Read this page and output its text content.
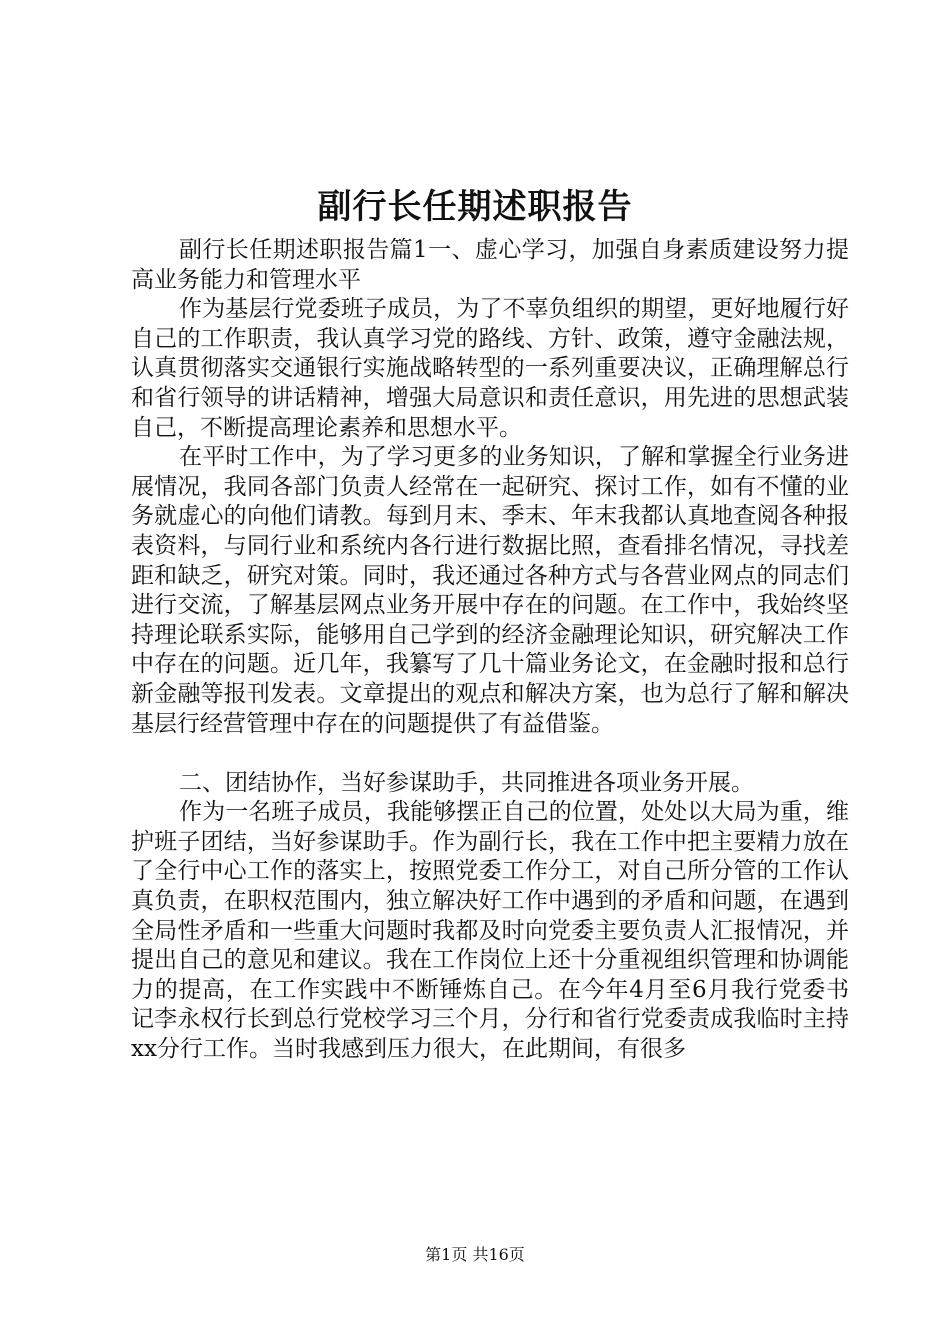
副行长任期述职报告

副行长任期述职报告篇1一、虚心学习，加强自身素质建设努力提高业务能力和管理水平

作为基层行党委班子成员，为了不辜负组织的期望，更好地履行好自己的工作职责，我认真学习党的路线、方针、政策，遵守金融法规，认真贯彻落实交通银行实施战略转型的一系列重要决议，正确理解总行和省行领导的讲话精神，增强大局意识和责任意识，用先进的思想武装自己，不断提高理论素养和思想水平。

在平时工作中，为了学习更多的业务知识，了解和掌握全行业务进展情况，我同各部门负责人经常在一起研究、探讨工作，如有不懂的业务就虚心的向他们请教。每到月末、季末、年末我都认真地查阅各种报表资料，与同行业和系统内各行进行数据比照，查看排名情况，寻找差距和缺乏，研究对策。同时，我还通过各种方式与各营业网点的同志们进行交流，了解基层网点业务开展中存在的问题。在工作中，我始终坚持理论联系实际，能够用自己学到的经济金融理论知识，研究解决工作中存在的问题。近几年，我纂写了几十篇业务论文，在金融时报和总行新金融等报刊发表。文章提出的观点和解决方案，也为总行了解和解决基层行经营管理中存在的问题提供了有益借鉴。

二、团结协作，当好参谋助手，共同推进各项业务开展。

作为一名班子成员，我能够摆正自己的位置，处处以大局为重，维护班子团结，当好参谋助手。作为副行长，我在工作中把主要精力放在了全行中心工作的落实上，按照党委工作分工，对自己所分管的工作认真负责，在职权范围内，独立解决好工作中遇到的矛盾和问题，在遇到全局性矛盾和一些重大问题时我都及时向党委主要负责人汇报情况，并提出自己的意见和建议。我在工作岗位上还十分重视组织管理和协调能力的提高，在工作实践中不断锤炼自己。在今年4月至6月我行党委书记李永权行长到总行党校学习三个月，分行和省行党委责成我临时主持xx分行工作。当时我感到压力很大，在此期间，有很多

第1页 共16页
